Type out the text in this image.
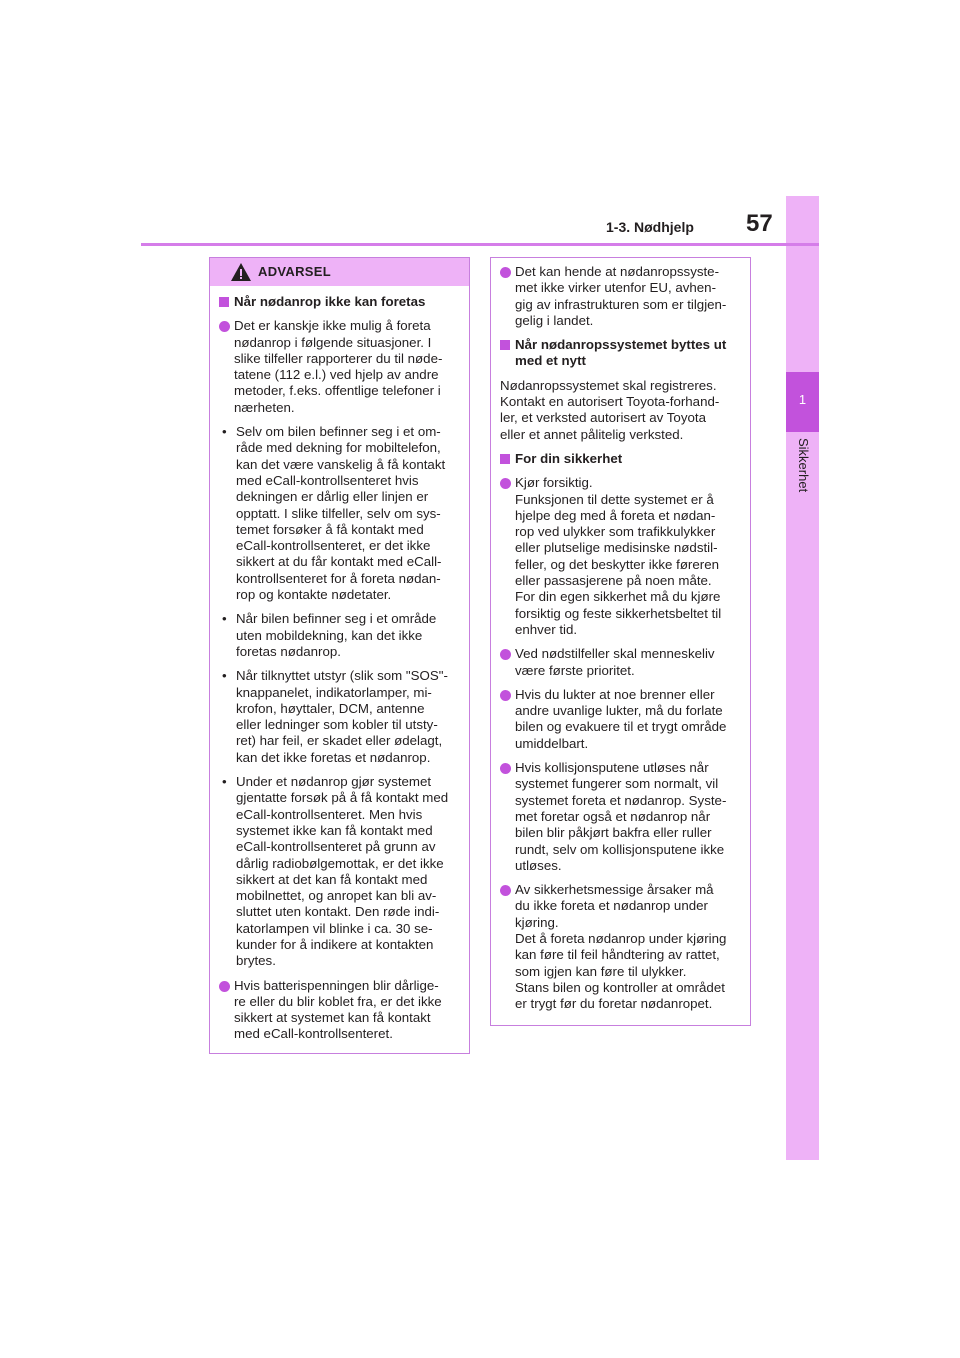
1
Sikkerhet
1-3. Nødhjelp 57
ADVARSEL
Når nødanrop ikke kan foretas
Det er kanskje ikke mulig å foreta
nødanrop i følgende situasjoner. I
slike tilfeller rapporterer du til nøde-
tatene (112 e.l.) ved hjelp av andre
metoder, f.eks. offentlige telefoner i
nærheten.
• Selv om bilen befinner seg i et om-
råde med dekning for mobiltelefon,
kan det være vanskelig å få kontakt
med eCall-kontrollsenteret hvis
dekningen er dårlig eller linjen er
opptatt. I slike tilfeller, selv om sys-
temet forsøker å få kontakt med
eCall-kontrollsenteret, er det ikke
sikkert at du får kontakt med eCall-
kontrollsenteret for å foreta nødan-
rop og kontakte nødetater.
• Når bilen befinner seg i et område
uten mobildekning, kan det ikke
foretas nødanrop.
• Når tilknyttet utstyr (slik som "SOS"-
knappanelet, indikatorlamper, mi-
krofon, høyttaler, DCM, antenne
eller ledninger som kobler til utsty-
ret) har feil, er skadet eller ødelagt,
kan det ikke foretas et nødanrop.
• Under et nødanrop gjør systemet
gjentatte forsøk på å få kontakt med
eCall-kontrollsenteret. Men hvis
systemet ikke kan få kontakt med
eCall-kontrollsenteret på grunn av
dårlig radiobølgemottak, er det ikke
sikkert at det kan få kontakt med
mobilnettet, og anropet kan bli av-
sluttet uten kontakt. Den røde indi-
katorlampen vil blinke i ca. 30 se-
kunder for å indikere at kontakten
brytes.
Hvis batterispenningen blir dårlige-
re eller du blir koblet fra, er det ikke
sikkert at systemet kan få kontakt
med eCall-kontrollsenteret.
Det kan hende at nødanropssyste-
met ikke virker utenfor EU, avhen-
gig av infrastrukturen som er tilgjen-
gelig i landet.
Når nødanropssystemet byttes ut
med et nytt
Nødanropssystemet skal registreres.
Kontakt en autorisert Toyota-forhand-
ler, et verksted autorisert av Toyota
eller et annet pålitelig verksted.
For din sikkerhet
Kjør forsiktig.
Funksjonen til dette systemet er å
hjelpe deg med å foreta et nødan-
rop ved ulykker som trafikkulykker
eller plutselige medisinske nødstil-
feller, og det beskytter ikke føreren
eller passasjerene på noen måte.
For din egen sikkerhet må du kjøre
forsiktig og feste sikkerhetsbeltet til
enhver tid.
Ved nødstilfeller skal menneskeliv
være første prioritet.
Hvis du lukter at noe brenner eller
andre uvanlige lukter, må du forlate
bilen og evakuere til et trygt område
umiddelbart.
Hvis kollisjonsputene utløses når
systemet fungerer som normalt, vil
systemet foreta et nødanrop. Syste-
met foretar også et nødanrop når
bilen blir påkjørt bakfra eller ruller
rundt, selv om kollisjonsputene ikke
utløses.
Av sikkerhetsmessige årsaker må
du ikke foreta et nødanrop under
kjøring.
Det å foreta nødanrop under kjøring
kan føre til feil håndtering av rattet,
som igjen kan føre til ulykker.
Stans bilen og kontroller at området
er trygt før du foretar nødanropet.
